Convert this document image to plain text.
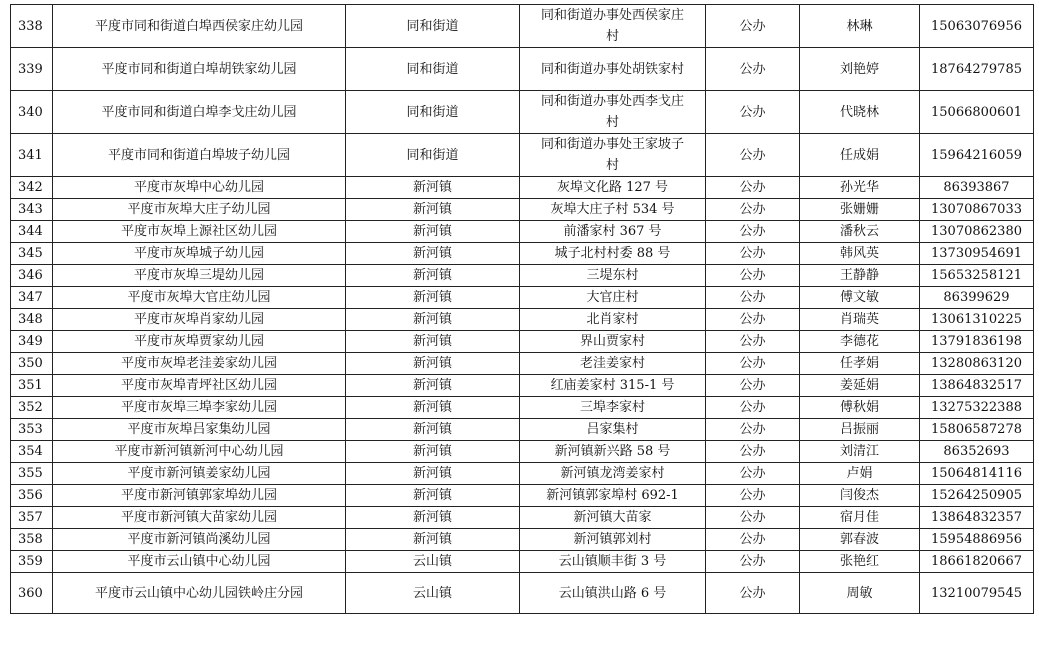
338	平度市同和街道白埠西侯家庄幼儿园	同和街道	同和街道办事处西侯家庄村	公办	林琳	15063076956
339	平度市同和街道白埠胡铁家幼儿园	同和街道	同和街道办事处胡铁家村	公办	刘艳婷	18764279785
340	平度市同和街道白埠李戈庄幼儿园	同和街道	同和街道办事处西李戈庄村	公办	代晓林	15066800601
341	平度市同和街道白埠坡子幼儿园	同和街道	同和街道办事处王家坡子村	公办	任成娟	15964216059
342	平度市灰埠中心幼儿园	新河镇	灰埠文化路 127 号	公办	孙光华	86393867
343	平度市灰埠大庄子幼儿园	新河镇	灰埠大庄子村 534 号	公办	张姗姗	13070867033
344	平度市灰埠上源社区幼儿园	新河镇	前潘家村 367 号	公办	潘秋云	13070862380
345	平度市灰埠城子幼儿园	新河镇	城子北村村委 88 号	公办	韩风英	13730954691
346	平度市灰埠三堤幼儿园	新河镇	三堤东村	公办	王静静	15653258121
347	平度市灰埠大官庄幼儿园	新河镇	大官庄村	公办	傅文敏	86399629
348	平度市灰埠肖家幼儿园	新河镇	北肖家村	公办	肖瑞英	13061310225
349	平度市灰埠贾家幼儿园	新河镇	界山贾家村	公办	李德花	13791836198
350	平度市灰埠老洼姜家幼儿园	新河镇	老洼姜家村	公办	任孝娟	13280863120
351	平度市灰埠青坪社区幼儿园	新河镇	红庙姜家村 315-1 号	公办	姜延娟	13864832517
352	平度市灰埠三埠李家幼儿园	新河镇	三埠李家村	公办	傅秋娟	13275322388
353	平度市灰埠吕家集幼儿园	新河镇	吕家集村	公办	吕振丽	15806587278
354	平度市新河镇新河中心幼儿园	新河镇	新河镇新兴路 58 号	公办	刘清江	86352693
355	平度市新河镇姜家幼儿园	新河镇	新河镇龙湾姜家村	公办	卢娟	15064814116
356	平度市新河镇郭家埠幼儿园	新河镇	新河镇郭家埠村 692-1	公办	闫俊杰	15264250905
357	平度市新河镇大苗家幼儿园	新河镇	新河镇大苗家	公办	宿月佳	13864832357
358	平度市新河镇尚溪幼儿园	新河镇	新河镇郭刘村	公办	郭春波	15954886956
359	平度市云山镇中心幼儿园	云山镇	云山镇顺丰街 3 号	公办	张艳红	18661820667
360	平度市云山镇中心幼儿园铁岭庄分园	云山镇	云山镇洪山路 6 号	公办	周敏	13210079545
